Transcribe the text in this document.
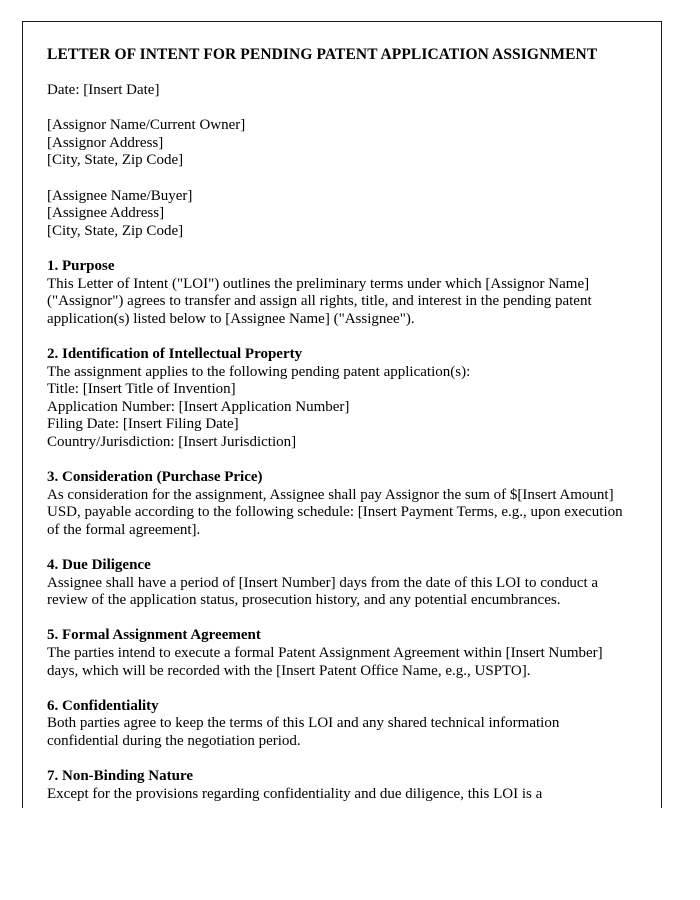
LETTER OF INTENT FOR PENDING PATENT APPLICATION ASSIGNMENT
Date: [Insert Date]
[Assignor Name/Current Owner]
[Assignor Address]
[City, State, Zip Code]
[Assignee Name/Buyer]
[Assignee Address]
[City, State, Zip Code]
1. Purpose
This Letter of Intent ("LOI") outlines the preliminary terms under which [Assignor Name] ("Assignor") agrees to transfer and assign all rights, title, and interest in the pending patent application(s) listed below to [Assignee Name] ("Assignee").
2. Identification of Intellectual Property
The assignment applies to the following pending patent application(s):
Title: [Insert Title of Invention]
Application Number: [Insert Application Number]
Filing Date: [Insert Filing Date]
Country/Jurisdiction: [Insert Jurisdiction]
3. Consideration (Purchase Price)
As consideration for the assignment, Assignee shall pay Assignor the sum of $[Insert Amount] USD, payable according to the following schedule: [Insert Payment Terms, e.g., upon execution of the formal agreement].
4. Due Diligence
Assignee shall have a period of [Insert Number] days from the date of this LOI to conduct a review of the application status, prosecution history, and any potential encumbrances.
5. Formal Assignment Agreement
The parties intend to execute a formal Patent Assignment Agreement within [Insert Number] days, which will be recorded with the [Insert Patent Office Name, e.g., USPTO].
6. Confidentiality
Both parties agree to keep the terms of this LOI and any shared technical information confidential during the negotiation period.
7. Non-Binding Nature
Except for the provisions regarding confidentiality and due diligence, this LOI is a
